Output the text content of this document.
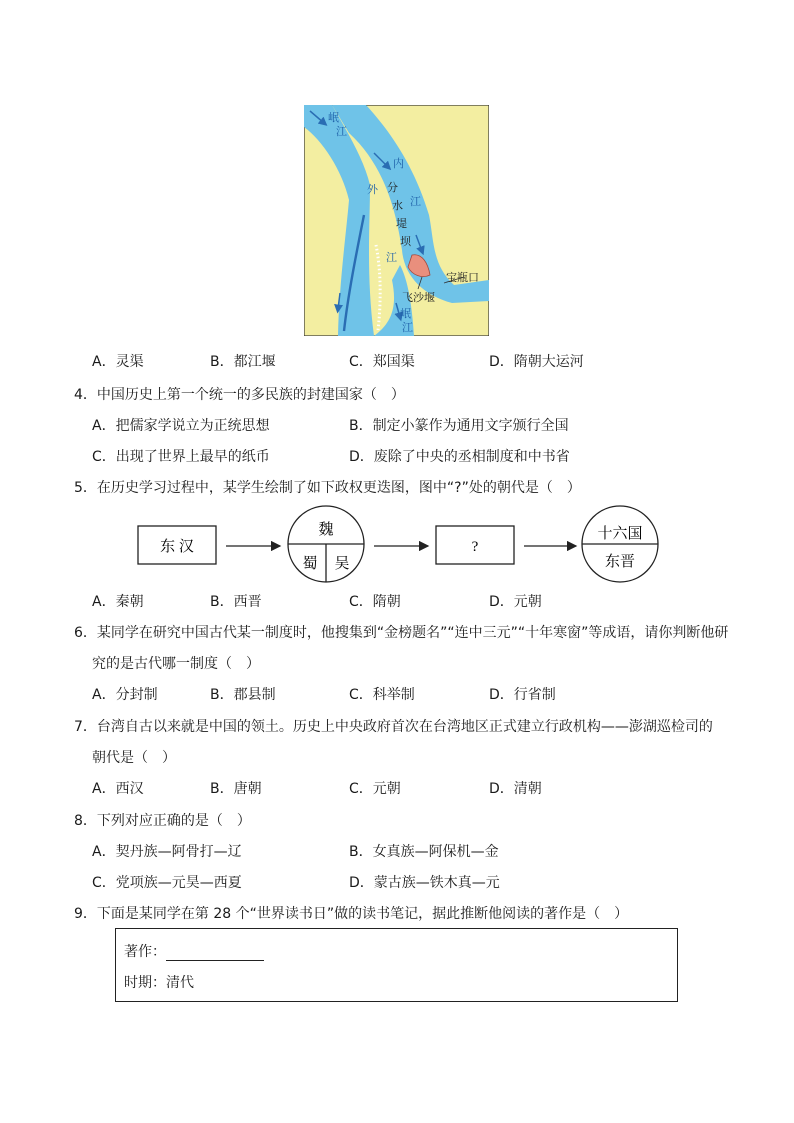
岷
江
内
江
外
江
岷
江
分
水
堤
坝
宝瓶口
飞沙堰
A．灵渠	B．都江堰	C．郑国渠	D．隋朝大运河
4．中国历史上第一个统一的多民族的封建国家（　）
A．把儒家学说立为正统思想	B．制定小篆作为通用文字颁行全国
C．出现了世界上最早的纸币	D．废除了中央的丞相制度和中书省
5．在历史学习过程中，某学生绘制了如下政权更迭图，图中“?”处的朝代是（　）
东 汉
魏
蜀 吴
?
十六国
东晋
A．秦朝	B．西晋	C．隋朝	D．元朝
6．某同学在研究中国古代某一制度时，他搜集到“金榜题名”“连中三元”“十年寒窗”等成语，请你判断他研
究的是古代哪一制度（　）
A．分封制	B．郡县制	C．科举制	D．行省制
7．台湾自古以来就是中国的领土。历史上中央政府首次在台湾地区正式建立行政机构——澎湖巡检司的
朝代是（　）
A．西汉	B．唐朝	C．元朝	D．清朝
8．下列对应正确的是（　）
A．契丹族—阿骨打—辽	B．女真族—阿保机—金
C．党项族—元昊—西夏	D．蒙古族—铁木真—元
9．下面是某同学在第 28 个“世界读书日”做的读书笔记，据此推断他阅读的著作是（　）
著作：
时期：清代
